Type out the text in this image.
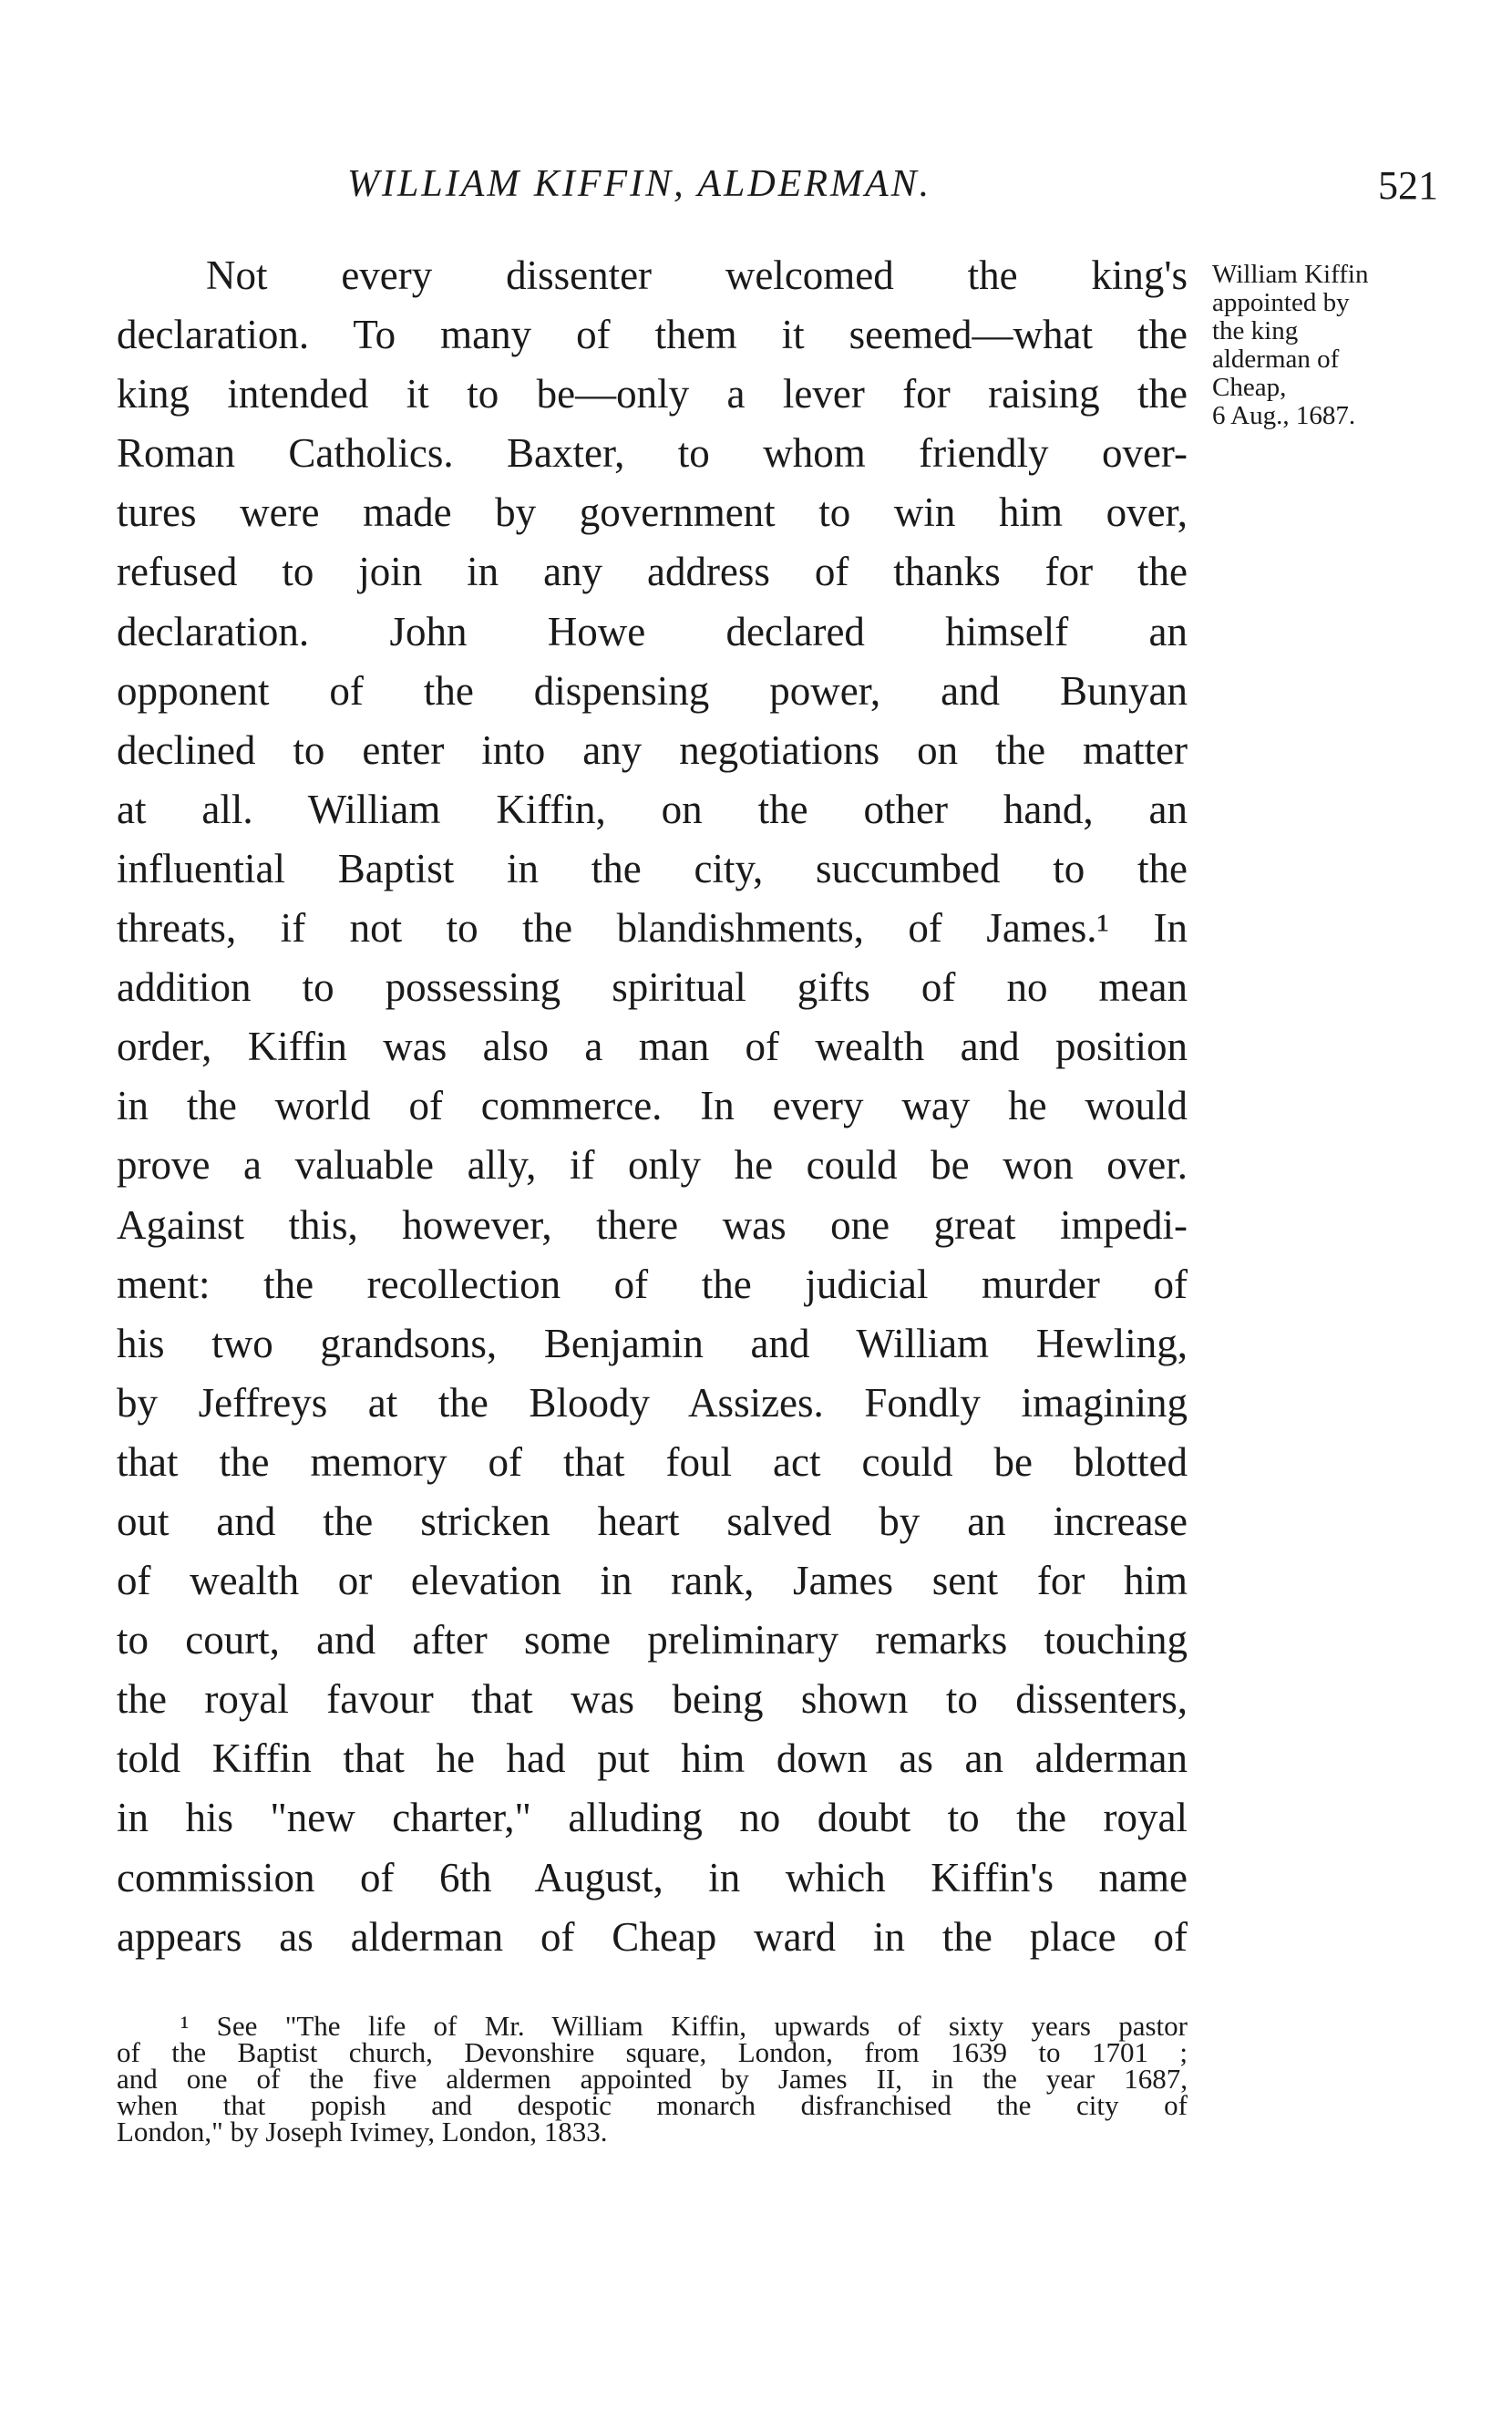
WILLIAM KIFFIN, ALDERMAN.	521
Not every dissenter welcomed the king's
declaration. To many of them it seemed—what the
king intended it to be—only a lever for raising the
Roman Catholics. Baxter, to whom friendly over-
tures were made by government to win him over,
refused to join in any address of thanks for the
declaration. John Howe declared himself an
opponent of the dispensing power, and Bunyan
declined to enter into any negotiations on the matter
at all. William Kiffin, on the other hand, an
influential Baptist in the city, succumbed to the
threats, if not to the blandishments, of James.¹ In
addition to possessing spiritual gifts of no mean
order, Kiffin was also a man of wealth and position
in the world of commerce. In every way he would
prove a valuable ally, if only he could be won over.
Against this, however, there was one great impedi-
ment: the recollection of the judicial murder of
his two grandsons, Benjamin and William Hewling,
by Jeffreys at the Bloody Assizes. Fondly imagining
that the memory of that foul act could be blotted
out and the stricken heart salved by an increase
of wealth or elevation in rank, James sent for him
to court, and after some preliminary remarks touching
the royal favour that was being shown to dissenters,
told Kiffin that he had put him down as an alderman
in his "new charter," alluding no doubt to the royal
commission of 6th August, in which Kiffin's name
appears as alderman of Cheap ward in the place of
William Kiffin
appointed by
the king
alderman of
Cheap,
6 Aug., 1687.
¹ See "The life of Mr. William Kiffin, upwards of sixty years pastor
of the Baptist church, Devonshire square, London, from 1639 to 1701 ;
and one of the five aldermen appointed by James II, in the year 1687,
when that popish and despotic monarch disfranchised the city of
London," by Joseph Ivimey, London, 1833.
